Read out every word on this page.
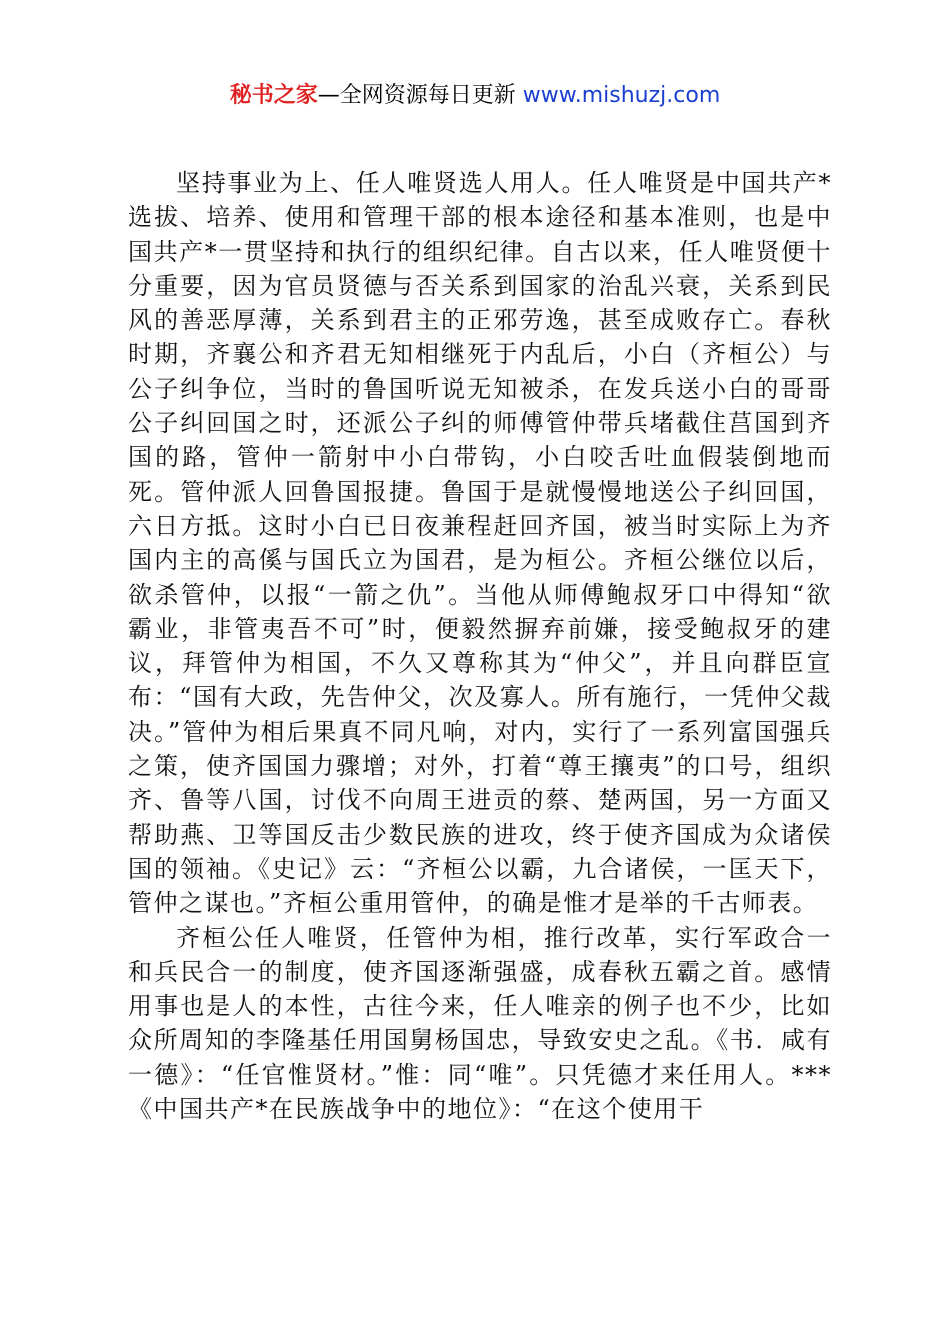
秘书之家—全网资源每日更新 www.mishuzj.com

坚持事业为上、任人唯贤选人用人。任人唯贤是中国共产*选拔、培养、使用和管理干部的根本途径和基本准则，也是中国共产*一贯坚持和执行的组织纪律。自古以来，任人唯贤便十分重要，因为官员贤德与否关系到国家的治乱兴衰，关系到民风的善恶厚薄，关系到君主的正邪劳逸，甚至成败存亡。春秋时期，齐襄公和齐君无知相继死于内乱后，小白（齐桓公）与公子纠争位，当时的鲁国听说无知被杀，在发兵送小白的哥哥公子纠回国之时，还派公子纠的师傅管仲带兵堵截住莒国到齐国的路，管仲一箭射中小白带钩，小白咬舌吐血假装倒地而死。管仲派人回鲁国报捷。鲁国于是就慢慢地送公子纠回国，六日方抵。这时小白已日夜兼程赶回齐国，被当时实际上为齐国内主的高傒与国氏立为国君，是为桓公。齐桓公继位以后，欲杀管仲，以报“一箭之仇”。当他从师傅鲍叔牙口中得知“欲霸业，非管夷吾不可”时，便毅然摒弃前嫌，接受鲍叔牙的建议，拜管仲为相国，不久又尊称其为“仲父”，并且向群臣宣布：“国有大政，先告仲父，次及寡人。所有施行，一凭仲父裁决。”管仲为相后果真不同凡响，对内，实行了一系列富国强兵之策，使齐国国力骤增；对外，打着“尊王攘夷”的口号，组织齐、鲁等八国，讨伐不向周王进贡的蔡、楚两国，另一方面又帮助燕、卫等国反击少数民族的进攻，终于使齐国成为众诸侯国的领袖。《史记》云：“齐桓公以霸，九合诸侯，一匡天下，管仲之谋也。”齐桓公重用管仲，的确是惟才是举的千古师表。

齐桓公任人唯贤，任管仲为相，推行改革，实行军政合一和兵民合一的制度，使齐国逐渐强盛，成春秋五霸之首。感情用事也是人的本性，古往今来，任人唯亲的例子也不少，比如众所周知的李隆基任用国舅杨国忠，导致安史之乱。《书．咸有一德》：“任官惟贤材。”惟：同“唯”。只凭德才来任用人。***《中国共产*在民族战争中的地位》：“在这个使用干
